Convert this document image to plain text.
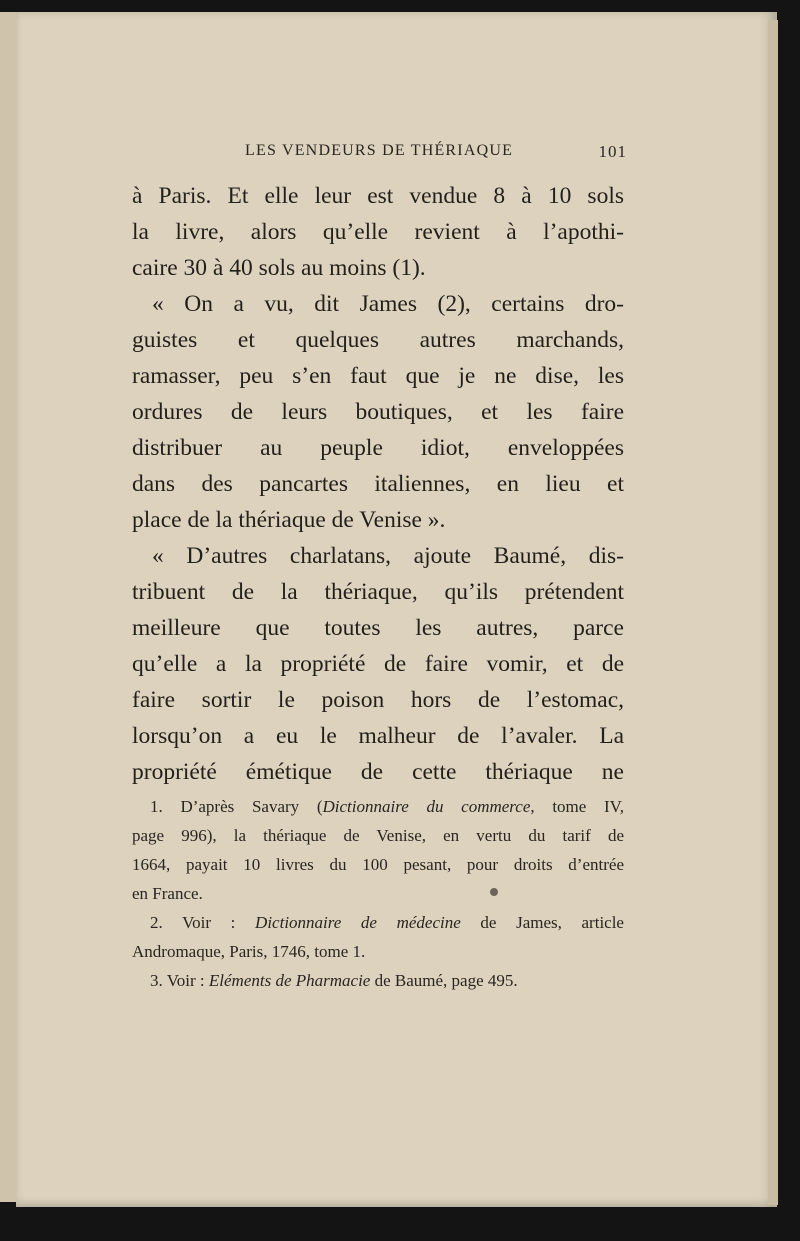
LES VENDEURS DE THÉRIAQUE	101
à Paris. Et elle leur est vendue 8 à 10 sols
la livre, alors qu’elle revient à l’apothi-
caire 30 à 40 sols au moins (1).
« On a vu, dit James (2), certains dro-
guistes et quelques autres marchands,
ramasser, peu s’en faut que je ne dise, les
ordures de leurs boutiques, et les faire
distribuer au peuple idiot, enveloppées
dans des pancartes italiennes, en lieu et
place de la thériaque de Venise ».
« D’autres charlatans, ajoute Baumé, dis-
tribuent de la thériaque, qu’ils prétendent
meilleure que toutes les autres, parce
qu’elle a la propriété de faire vomir, et de
faire sortir le poison hors de l’estomac,
lorsqu’on a eu le malheur de l’avaler. La
propriété émétique de cette thériaque ne
1. D’après Savary (Dictionnaire du commerce, tome IV,
page 996), la thériaque de Venise, en vertu du tarif de
1664, payait 10 livres du 100 pesant, pour droits d’entrée
en France.
2. Voir : Dictionnaire de médecine de James, article
Andromaque, Paris, 1746, tome 1.
3. Voir : Eléments de Pharmacie de Baumé, page 495.
